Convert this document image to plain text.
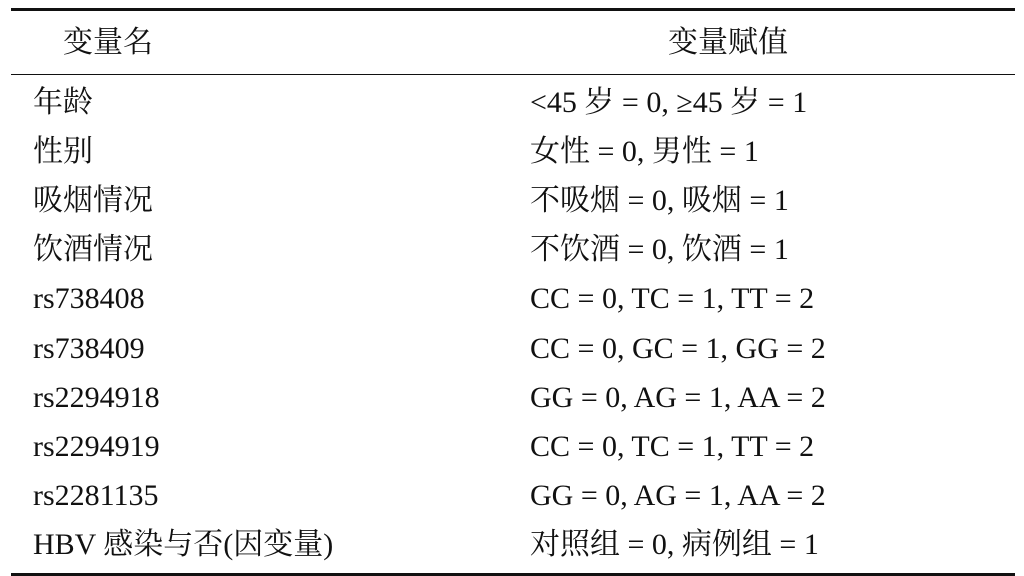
变量名	变量赋值
年龄	<45 岁 = 0, ≥45 岁 = 1
性别	女性 = 0, 男性 = 1
吸烟情况	不吸烟 = 0, 吸烟 = 1
饮酒情况	不饮酒 = 0, 饮酒 = 1
rs738408	CC = 0, TC = 1, TT = 2
rs738409	CC = 0, GC = 1, GG = 2
rs2294918	GG = 0, AG = 1, AA = 2
rs2294919	CC = 0, TC = 1, TT = 2
rs2281135	GG = 0, AG = 1, AA = 2
HBV 感染与否(因变量)	对照组 = 0, 病例组 = 1
